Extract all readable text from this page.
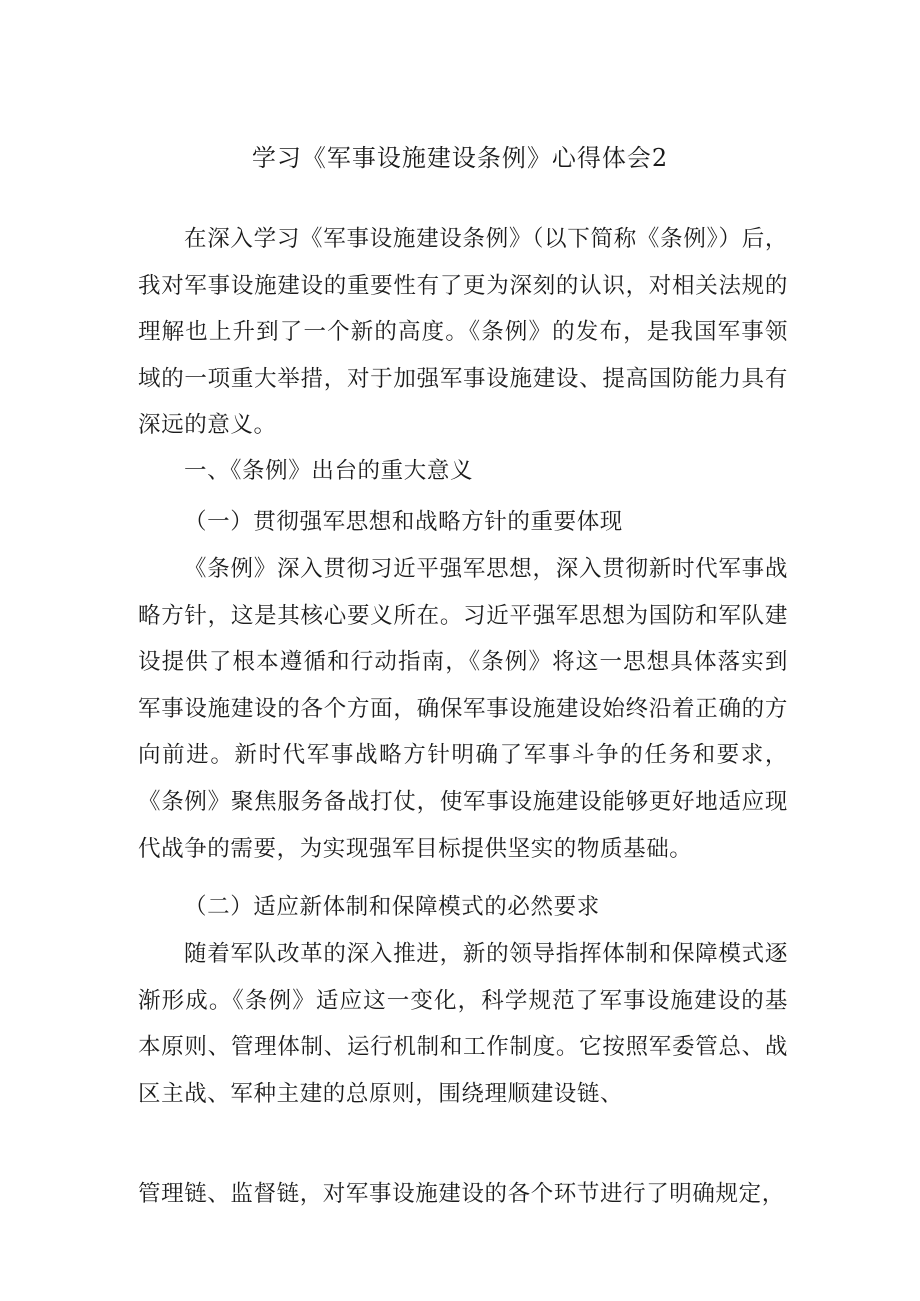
学习《军事设施建设条例》心得体会2

在深入学习《军事设施建设条例》（以下简称《条例》）后，我对军事设施建设的重要性有了更为深刻的认识，对相关法规的理解也上升到了一个新的高度。《条例》的发布，是我国军事领域的一项重大举措，对于加强军事设施建设、提高国防能力具有深远的意义。

一、《条例》出台的重大意义

（一）贯彻强军思想和战略方针的重要体现

《条例》深入贯彻习近平强军思想，深入贯彻新时代军事战略方针，这是其核心要义所在。习近平强军思想为国防和军队建设提供了根本遵循和行动指南，《条例》将这一思想具体落实到军事设施建设的各个方面，确保军事设施建设始终沿着正确的方向前进。新时代军事战略方针明确了军事斗争的任务和要求，《条例》聚焦服务备战打仗，使军事设施建设能够更好地适应现代战争的需要，为实现强军目标提供坚实的物质基础。

（二）适应新体制和保障模式的必然要求

随着军队改革的深入推进，新的领导指挥体制和保障模式逐渐形成。《条例》适应这一变化，科学规范了军事设施建设的基本原则、管理体制、运行机制和工作制度。它按照军委管总、战区主战、军种主建的总原则，围绕理顺建设链、

管理链、监督链，对军事设施建设的各个环节进行了明确规定，
